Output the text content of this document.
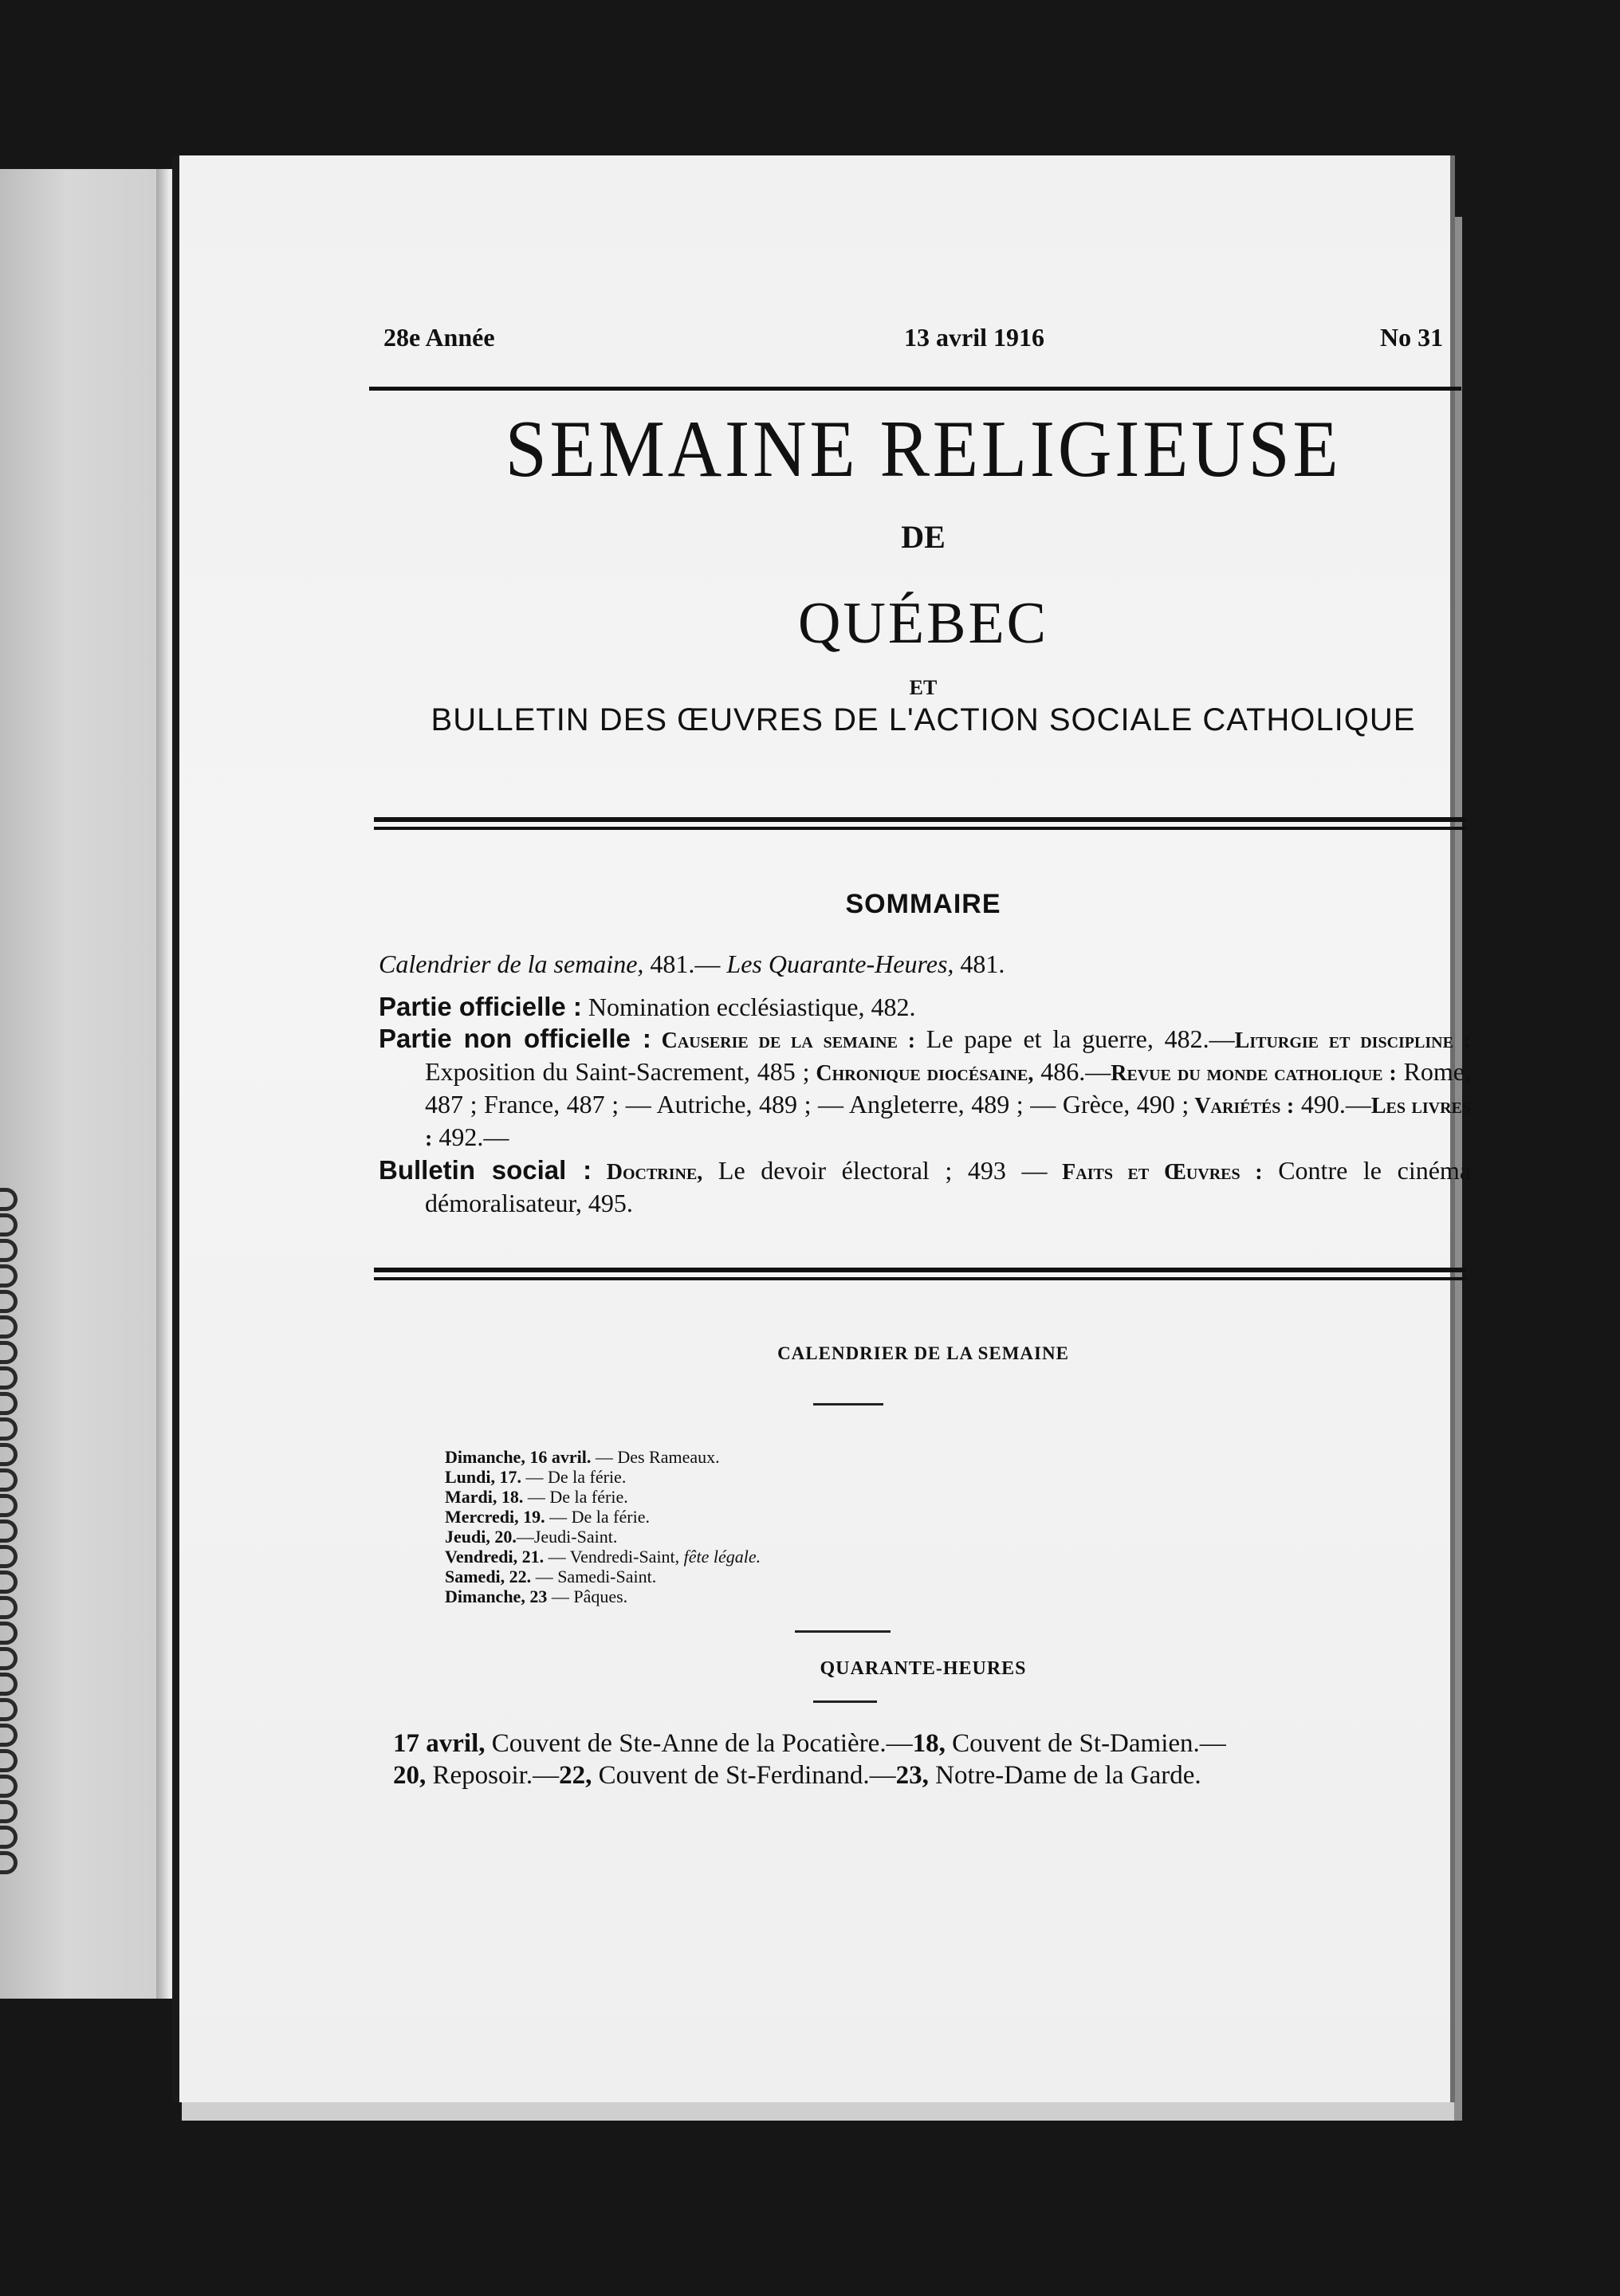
28e Année	13 avril 1916	No 31
SEMAINE RELIGIEUSE
DE
QUÉBEC
ET
BULLETIN DES ŒUVRES DE L'ACTION SOCIALE CATHOLIQUE
SOMMAIRE

Calendrier de la semaine, 481.— Les Quarante-Heures, 481.

Partie officielle : Nomination ecclésiastique, 482.

Partie non officielle : Causerie de la semaine : Le pape et la guerre, 482.—Liturgie et discipline : Exposition du Saint-Sacrement, 485 ; Chronique diocésaine, 486.—Revue du monde catholique : Rome, 487 ; France, 487 ; — Autriche, 489 ; — Angleterre, 489 ; — Grèce, 490 ; Variétés : 490.—Les livres : 492.—

Bulletin social : Doctrine, Le devoir électoral ; 493 — Faits et Œuvres : Contre le cinéma démoralisateur, 495.

CALENDRIER DE LA SEMAINE
Dimanche, 16 avril. — Des Rameaux.
Lundi, 17. — De la férie.
Mardi, 18. — De la férie.
Mercredi, 19. — De la férie.
Jeudi, 20.—Jeudi-Saint.
Vendredi, 21. — Vendredi-Saint, fête légale.
Samedi, 22. — Samedi-Saint.
Dimanche, 23 — Pâques.
QUARANTE-HEURES

17 avril, Couvent de Ste-Anne de la Pocatière.—18, Couvent de St-Damien.—
20, Reposoir.—22, Couvent de St-Ferdinand.—23, Notre-Dame de la Garde.
